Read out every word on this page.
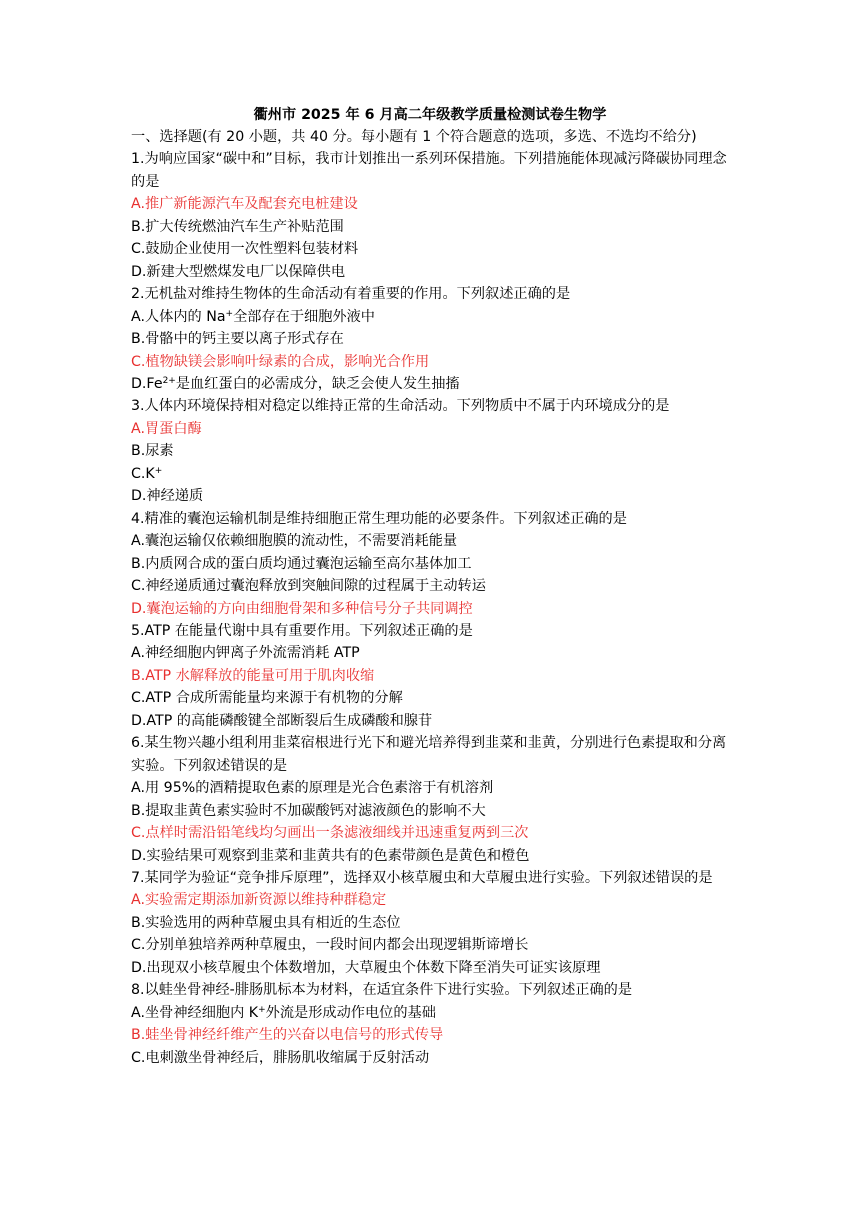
衢州市 2025 年 6 月高二年级教学质量检测试卷生物学
一、选择题(有 20 小题，共 40 分。每小题有 1 个符合题意的选项，多选、不选均不给分)
1.为响应国家“碳中和”目标，我市计划推出一系列环保措施。下列措施能体现减污降碳协同理念的是
A.推广新能源汽车及配套充电桩建设
B.扩大传统燃油汽车生产补贴范围
C.鼓励企业使用一次性塑料包装材料
D.新建大型燃煤发电厂以保障供电
2.无机盐对维持生物体的生命活动有着重要的作用。下列叙述正确的是
A.人体内的 Na+全部存在于细胞外液中
B.骨骼中的钙主要以离子形式存在
C.植物缺镁会影响叶绿素的合成，影响光合作用
$D.Fe^{2+}$是血红蛋白的必需成分，缺乏会使人发生抽搐
3.人体内环境保持相对稳定以维持正常的生命活动。下列物质中不属于内环境成分的是
A.胃蛋白酶
B.尿素
C.K+
D.神经递质
4.精准的囊泡运输机制是维持细胞正常生理功能的必要条件。下列叙述正确的是
A.囊泡运输仅依赖细胞膜的流动性，不需要消耗能量
B.内质网合成的蛋白质均通过囊泡运输至高尔基体加工
C.神经递质通过囊泡释放到突触间隙的过程属于主动转运
D.囊泡运输的方向由细胞骨架和多种信号分子共同调控
5.ATP 在能量代谢中具有重要作用。下列叙述正确的是
A.神经细胞内钾离子外流需消耗 ATP
B.ATP 水解释放的能量可用于肌肉收缩
C.ATP 合成所需能量均来源于有机物的分解
D.ATP 的高能磷酸键全部断裂后生成磷酸和腺苷
6.某生物兴趣小组利用韭菜宿根进行光下和避光培养得到韭菜和韭黄，分别进行色素提取和分离实验。下列叙述错误的是
A.用 95%的酒精提取色素的原理是光合色素溶于有机溶剂
B.提取韭黄色素实验时不加碳酸钙对滤液颜色的影响不大
C.点样时需沿铅笔线均匀画出一条滤液细线并迅速重复两到三次
D.实验结果可观察到韭菜和韭黄共有的色素带颜色是黄色和橙色
7.某同学为验证“竞争排斥原理”，选择双小核草履虫和大草履虫进行实验。下列叙述错误的是
A.实验需定期添加新资源以维持种群稳定
B.实验选用的两种草履虫具有相近的生态位
C.分别单独培养两种草履虫，一段时间内都会出现逻辑斯谛增长
D.出现双小核草履虫个体数增加，大草履虫个体数下降至消失可证实该原理
8.以蛙坐骨神经-腓肠肌标本为材料，在适宜条件下进行实验。下列叙述正确的是
A.坐骨神经细胞内 K+外流是形成动作电位的基础
B.蛙坐骨神经纤维产生的兴奋以电信号的形式传导
C.电刺激坐骨神经后，腓肠肌收缩属于反射活动
